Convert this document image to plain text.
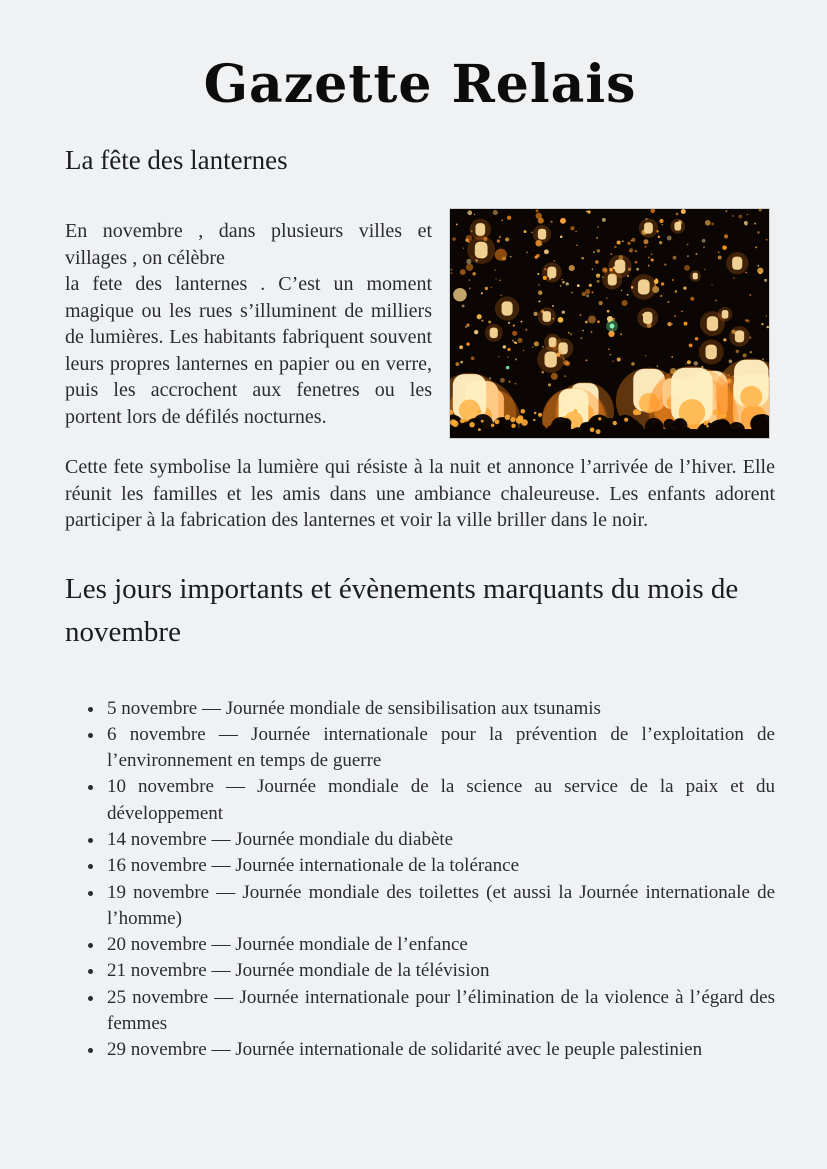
Gazette Relais
La fête des lanternes

En novembre , dans plusieurs villes et villages , on célèbre
la fete des lanternes . C’est un moment magique ou les rues s’illuminent de milliers de lumières. Les habitants fabriquent souvent leurs propres lanternes en papier ou en verre, puis les accrochent aux fenetres ou les portent lors de défilés nocturnes.

Cette fete symbolise la lumière qui résiste à la nuit et annonce l’arrivée de l’hiver. Elle réunit les familles et les amis dans une ambiance chaleureuse. Les enfants adorent participer à la fabrication des lanternes et voir la ville briller dans le noir.

Les jours importants et évènements marquants du mois de novembre
• 5 novembre — Journée mondiale de sensibilisation aux tsunamis
• 6 novembre — Journée internationale pour la prévention de l’exploitation de l’environnement en temps de guerre
• 10 novembre — Journée mondiale de la science au service de la paix et du développement
• 14 novembre — Journée mondiale du diabète
• 16 novembre — Journée internationale de la tolérance
• 19 novembre — Journée mondiale des toilettes (et aussi la Journée internationale de l’homme)
• 20 novembre — Journée mondiale de l’enfance
• 21 novembre — Journée mondiale de la télévision
• 25 novembre — Journée internationale pour l’élimination de la violence à l’égard des femmes
• 29 novembre — Journée internationale de solidarité avec le peuple palestinien
